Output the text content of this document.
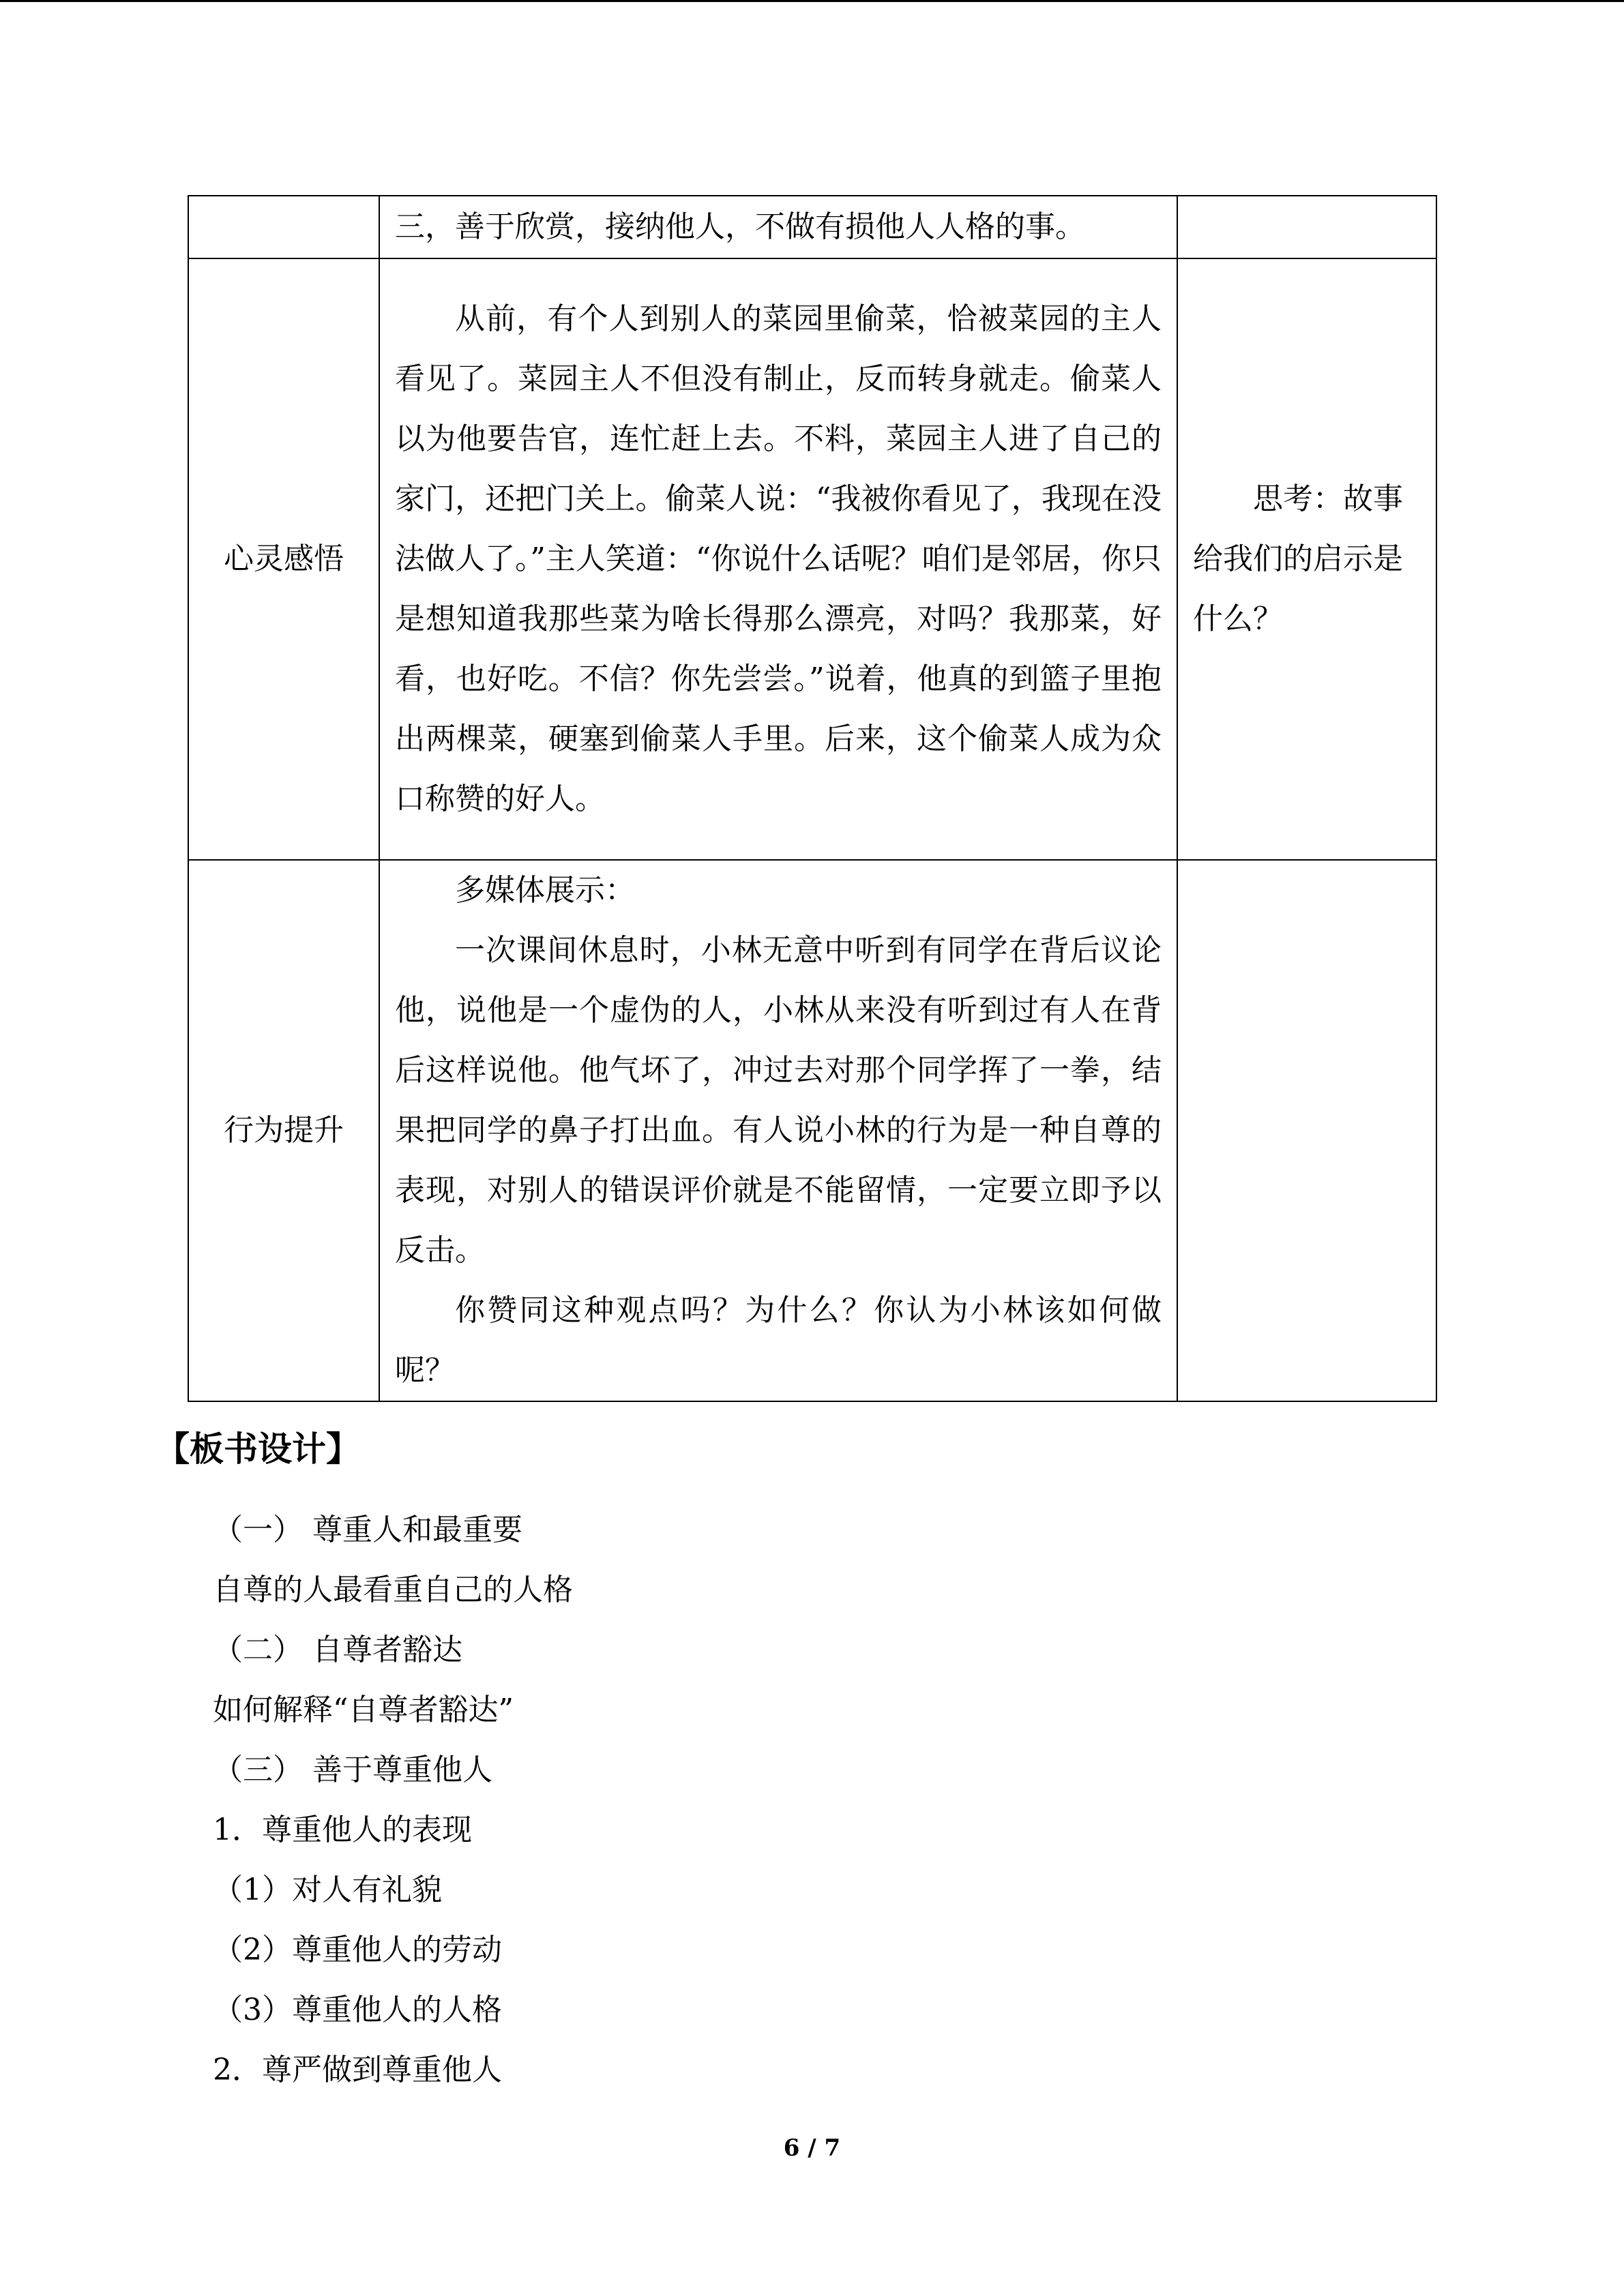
	三，善于欣赏，接纳他人，不做有损他人人格的事。	

心灵感悟	从前，有个人到别人的菜园里偷菜，恰被菜园的主人看见了。菜园主人不但没有制止，反而转身就走。偷菜人以为他要告官，连忙赶上去。不料，菜园主人进了自己的家门，还把门关上。偷菜人说：“我被你看见了，我现在没法做人了。”主人笑道：“你说什么话呢？咱们是邻居，你只是想知道我那些菜为啥长得那么漂亮，对吗？我那菜，好看，也好吃。不信？你先尝尝。”说着，他真的到篮子里抱出两棵菜，硬塞到偷菜人手里。后来，这个偷菜人成为众口称赞的好人。	思考：故事给我们的启示是什么？

行为提升	多媒体展示：

一次课间休息时，小林无意中听到有同学在背后议论他，说他是一个虚伪的人，小林从来没有听到过有人在背后这样说他。他气坏了，冲过去对那个同学挥了一拳，结果把同学的鼻子打出血。有人说小林的行为是一种自尊的表现，对别人的错误评价就是不能留情，一定要立即予以反击。

你赞同这种观点吗？为什么？你认为小林该如何做呢？	

【板书设计】

（一） 尊重人和最重要

自尊的人最看重自己的人格

（二） 自尊者豁达

如何解释“自尊者豁达”

（三） 善于尊重他人

1．尊重他人的表现

（1）对人有礼貌

（2）尊重他人的劳动

（3）尊重他人的人格

2．尊严做到尊重他人

6 / 7
